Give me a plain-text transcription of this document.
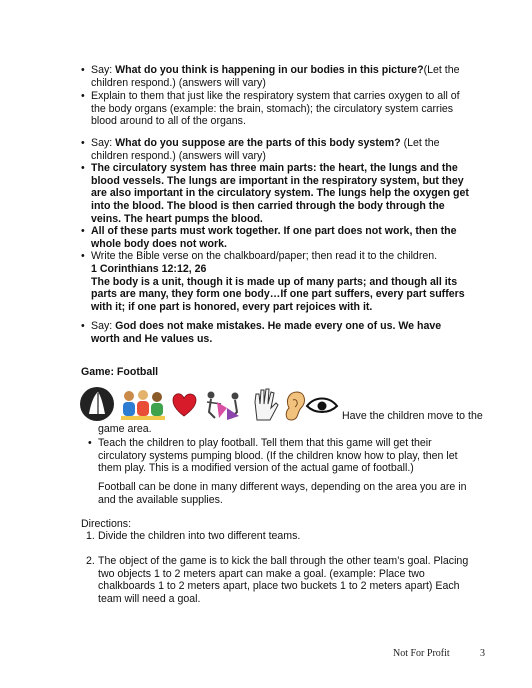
• Say: What do you think is happening in our bodies in this picture?(Let the
children respond.) (answers will vary)
• Explain to them that just like the respiratory system that carries oxygen to all of
the body organs (example: the brain, stomach); the circulatory system carries
blood around to all of the organs.
• Say: What do you suppose are the parts of this body system? (Let the
children respond.) (answers will vary)
• The circulatory system has three main parts: the heart, the lungs and the
blood vessels. The lungs are important in the respiratory system, but they
are also important in the circulatory system. The lungs help the oxygen get
into the blood. The blood is then carried through the body through the
veins. The heart pumps the blood.
• All of these parts must work together. If one part does not work, then the
whole body does not work.
• Write the Bible verse on the chalkboard/paper; then read it to the children.
1 Corinthians 12:12, 26
The body is a unit, though it is made up of many parts; and though all its
parts are many, they form one body…If one part suffers, every part suffers
with it; if one part is honored, every part rejoices with it.
• Say: God does not make mistakes. He made every one of us. We have
worth and He values us.
Game: Football
Have the children move to the
game area.
• Teach the children to play football. Tell them that this game will get their
circulatory systems pumping blood. (If the children know how to play, then let
them play. This is a modified version of the actual game of football.)
Football can be done in many different ways, depending on the area you are in
and the available supplies.
Directions:
1. Divide the children into two different teams.
2. The object of the game is to kick the ball through the other team’s goal. Placing
two objects 1 to 2 meters apart can make a goal. (example: Place two
chalkboards 1 to 2 meters apart, place two buckets 1 to 2 meters apart) Each
team will need a goal.
Not For Profit	3
